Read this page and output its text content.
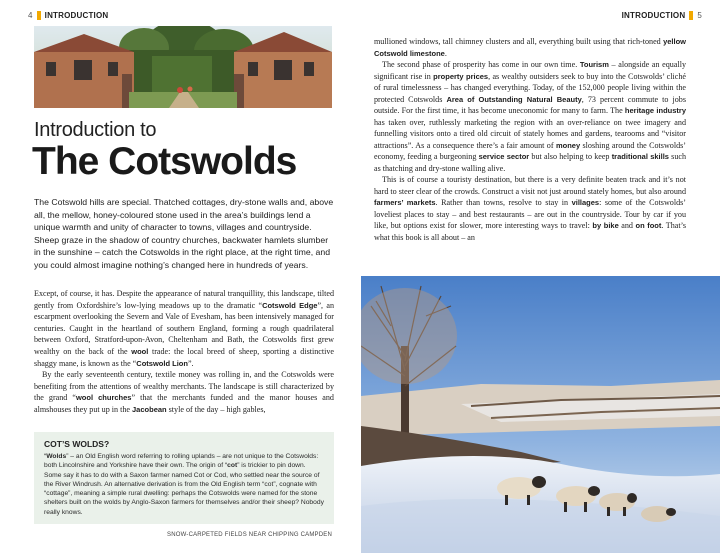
4 INTRODUCTION	INTRODUCTION 5
Introduction to
The Cotswolds
The Cotswold hills are special. Thatched cottages, dry-stone walls and, above all, the mellow, honey-coloured stone used in the area’s buildings lend a unique warmth and unity of character to towns, villages and countryside. Sheep graze in the shadow of country churches, backwater hamlets slumber in the sunshine – catch the Cotswolds in the right place, at the right time, and you could almost imagine nothing’s changed here in hundreds of years.

Except, of course, it has. Despite the appearance of natural tranquillity, this landscape, tilted gently from Oxfordshire’s low-lying meadows up to the dramatic “Cotswold Edge”, an escarpment overlooking the Severn and Vale of Evesham, has been intensively managed for centuries. Caught in the heartland of southern England, forming a rough quadrilateral between Oxford, Stratford-upon-Avon, Cheltenham and Bath, the Cotswolds first grew wealthy on the back of the wool trade: the local breed of sheep, sporting a distinctive shaggy mane, is known as the “Cotswold Lion”.

By the early seventeenth century, textile money was rolling in, and the Cotswolds were benefiting from the attentions of wealthy merchants. The landscape is still characterized by the grand “wool churches” that the merchants funded and the manor houses and almshouses they put up in the Jacobean style of the day – high gables,

COT’S WOLDS?

“Wolds” – an Old English word referring to rolling uplands – are not unique to the Cotswolds: both Lincolnshire and Yorkshire have their own. The origin of “cot” is trickier to pin down. Some say it has to do with a Saxon farmer named Cot or Cod, who settled near the source of the River Windrush. An alternative derivation is from the Old English term “cot”, cognate with “cottage”, meaning a simple rural dwelling: perhaps the Cotswolds were named for the stone shelters built on the wolds by Anglo-Saxon farmers for themselves and/or their sheep? Nobody really knows.

SNOW-CARPETED FIELDS NEAR CHIPPING CAMPDEN

mullioned windows, tall chimney clusters and all, everything built using that rich-toned yellow Cotswold limestone.

The second phase of prosperity has come in our own time. Tourism – alongside an equally significant rise in property prices, as wealthy outsiders seek to buy into the Cotswolds’ cliché of rural timelessness – has changed everything. Today, of the 152,000 people living within the protected Cotswolds Area of Outstanding Natural Beauty, 73 percent commute to jobs outside. For the first time, it has become uneconomic for many to farm. The heritage industry has taken over, ruthlessly marketing the region with an over-reliance on twee imagery and funnelling visitors onto a tired old circuit of stately homes and gardens, tearooms and “visitor attractions”. As a consequence there’s a fair amount of money sloshing around the Cotswolds’ economy, feeding a burgeoning service sector but also helping to keep traditional skills such as thatching and dry-stone walling alive.

This is of course a touristy destination, but there is a very definite beaten track and it’s not hard to steer clear of the crowds. Construct a visit not just around stately homes, but also around farmers’ markets. Rather than towns, resolve to stay in villages: some of the Cotswolds’ loveliest places to stay – and best restaurants – are out in the countryside. Tour by car if you like, but options exist for slower, more interesting ways to travel: by bike and on foot. That’s what this book is all about – an
